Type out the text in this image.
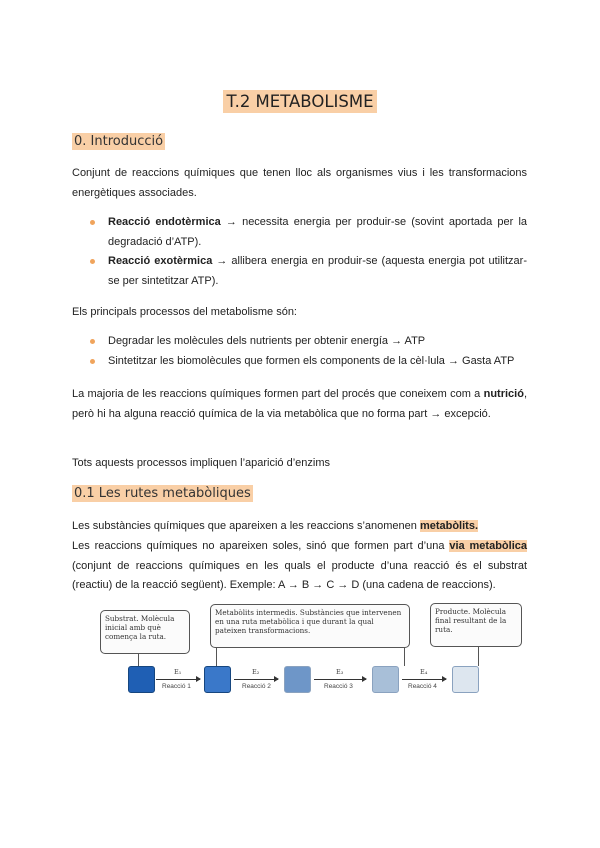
T.2 METABOLISME
0. Introducció

Conjunt de reaccions químiques que tenen lloc als organismes vius i les transformacions energètiques associades.

Reacció endotèrmica → necessita energia per produir-se (sovint aportada per la degradació d’ATP).
Reacció exotèrmica → allibera energia en produir-se (aquesta energia pot utilitzar-se per sintetitzar ATP).

Els principals processos del metabolisme són:

Degradar les molècules dels nutrients per obtenir energía → ATP
Sintetitzar les biomolècules que formen els components de la cèl·lula → Gasta ATP

La majoria de les reaccions químiques formen part del procés que coneixem com a nutrició, però hi ha alguna reacció química de la via metabòlica que no forma part → excepció.

Tots aquests processos impliquen l’aparició d’enzims

0.1 Les rutes metabòliques

Les substàncies químiques que apareixen a les reaccions s’anomenen metabòlits.

Les reaccions químiques no apareixen soles, sinó que formen part d’una via metabòlica (conjunt de reaccions químiques en les quals el producte d’una reacció és el substrat (reactiu) de la reacció següent). Exemple: A → B → C → D (una cadena de reaccions).

Substrat. Molècula inicial amb què comença la ruta.
Metabòlits intermedis. Substàncies que intervenen en una ruta metabòlica i que durant la qual pateixen transformacions.
Producte. Molècula final resultant de la ruta.
E₁	E₂	E₃	E₄
Reacció 1	Reacció 2	Reacció 3	Reacció 4
